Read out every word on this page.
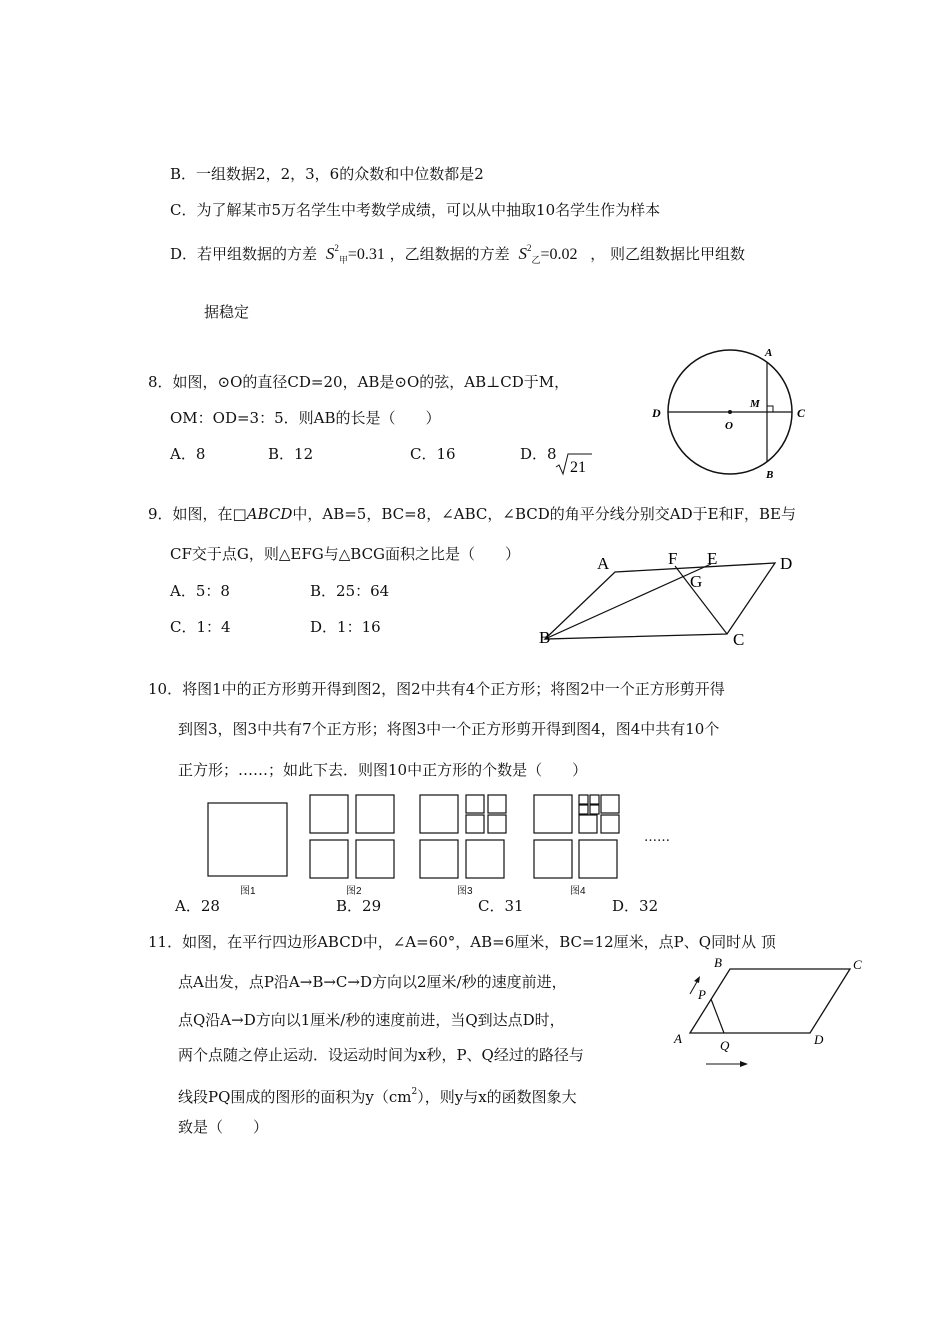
B．一组数据2，2，3，6的众数和中位数都是2
C．为了解某市5万名学生中考数学成绩，可以从中抽取10名学生作为样本
D．若甲组数据的方差 $S^2_甲=0.31$ ，乙组数据的方差 $S^2_乙=0.02$ ， 则乙组数据比甲组数
据稳定
8．如图，⊙O的直径CD=20，AB是⊙O的弦，AB⊥CD于M，
OM：OD=3：5．则AB的长是（　　）
A．8	B．12	C．16	D．8
21
A
B
C
D
O
M
9．如图，在□ABCD中，AB=5，BC=8，∠ABC，∠BCD的角平分线分别交AD于E和F，BE与
CF交于点G，则△EFG与△BCG面积之比是（　　）
A．5：8	B．25：64
C．1：4	D．1：16
A	F E	D
G
B	C
10．将图1中的正方形剪开得到图2，图2中共有4个正方形；将图2中一个正方形剪开得
到图3，图3中共有7个正方形；将图3中一个正方形剪开得到图4，图4中共有10个
正方形；……；如此下去．则图10中正方形的个数是（　　）
图1	图2	图3	图4
……
A．28	B．29	C．31	D．32
11．如图，在平行四边形ABCD中，∠A=60°，AB=6厘米，BC=12厘米，点P、Q同时从 顶
点A出发，点P沿A→B→C→D方向以2厘米/秒的速度前进，
点Q沿A→D方向以1厘米/秒的速度前进，当Q到达点D时，
两个点随之停止运动．设运动时间为x秒，P、Q经过的路径与
线段PQ围成的图形的面积为$y(cm^2)$，则y与x的函数图象大
致是（　　）
A
B	C
D
P
Q
